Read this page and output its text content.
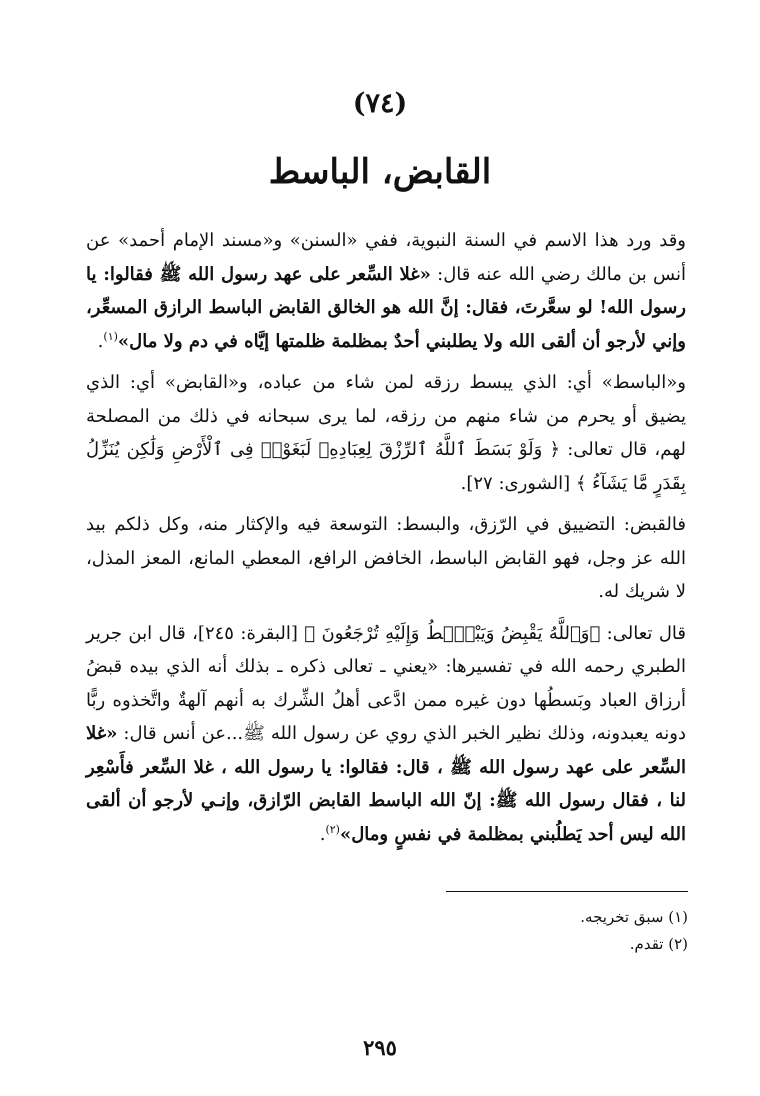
(٧٤)
القابض، الباسط

وقد ورد هذا الاسم في السنة النبوية، ففي «السنن» و«مسند الإمام أحمد» عن أنس بن مالك رضي الله عنه قال: «غلا السِّعر على عهد رسول الله ﷺ فقالوا: يا رسول الله! لو سعَّرتَ، فقال: إنَّ الله هو الخالق القابض الباسط الرازق المسعِّر، وإني لأرجو أن ألقى الله ولا يطلبني أحدٌ بمظلمة ظلمتها إيَّاه في دم ولا مال»$^{(١)}$.

و«الباسط» أي: الذي يبسط رزقه لمن شاء من عباده، و«القابض» أي: الذي يضيق أو يحرم من شاء منهم من رزقه، لما يرى سبحانه في ذلك من المصلحة لهم، قال تعالى: ﴿ وَلَوْ بَسَطَ ٱللَّهُ ٱلرِّزْقَ لِعِبَادِهِۦ لَبَغَوْا۟ فِى ٱلْأَرْضِ وَلَٰكِن يُنَزِّلُ بِقَدَرٍ مَّا يَشَآءُ ﴾ [الشورى: ٢٧].

فالقبض: التضييق في الرّزق، والبسط: التوسعة فيه والإكثار منه، وكل ذلكم بيد الله عز وجل، فهو القابض الباسط، الخافض الرافع، المعطي المانع، المعز المذل، لا شريك له.

قال تعالى: ﴿وَٱللَّهُ يَقْبِضُ وَيَبْصُۜطُ وَإِلَيْهِ تُرْجَعُونَ ﴾ [البقرة: ٢٤٥]، قال ابن جرير الطبري رحمه الله في تفسيرها: «يعني ـ تعالى ذكره ـ بذلك أنه الذي بيده قبضُ أرزاق العباد وبَسطُها دون غيره ممن ادَّعى أهلُ الشِّرك به أنهم آلهةٌ واتَّخذوه ربًّا دونه يعبدونه، وذلك نظير الخبر الذي روي عن رسول الله ﷺ...عن أنس قال: «غلا السِّعر على عهد رسول الله ﷺ ، قال: فقالوا: يا رسول الله ، غلا السِّعر فأَسْعِر لنا ، فقال رسول الله ﷺ: إنّ الله الباسط القابض الرّازق، وإنـي لأرجو أن ألقى الله ليس أحد يَطلُبني بمظلمة في نفسٍ ومال»$^{(٢)}$.

(١) سبق تخريجه.

(٢) تقدم.

٢٩٥
